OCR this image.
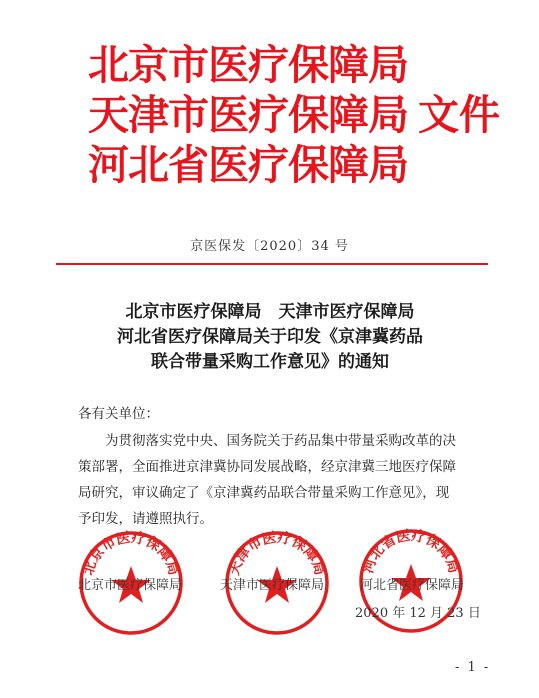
北京市医疗保障局
天津市医疗保障局 文件
河北省医疗保障局
京医保发〔2020〕34 号
北京市医疗保障局　天津市医疗保障局
河北省医疗保障局关于印发《京津冀药品
联合带量采购工作意见》的通知
各有关单位：
为贯彻落实党中央、国务院关于药品集中带量采购改革的决
策部署，全面推进京津冀协同发展战略，经京津冀三地医疗保障
局研究，审议确定了《京津冀药品联合带量采购工作意见》，现
予印发，请遵照执行。
北京市医疗保障局	天津市医疗保障局 河北省医疗保障局
北京市医疗保障局	天津市医疗保障局	河北省医疗保障局
2020 年 12 月 23 日
- 1 -
